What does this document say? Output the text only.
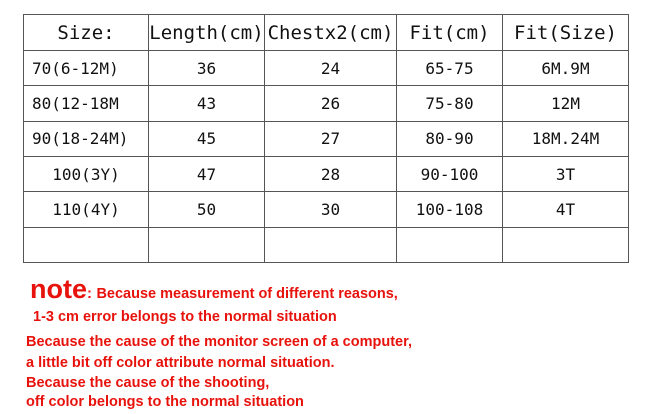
Size:	Length(cm)	Chestx2(cm)	Fit(cm)	Fit(Size)
70(6-12M)	36	24	65-75	6M.9M
80(12-18M	43	26	75-80	12M
90(18-24M)	45	27	80-90	18M.24M
100(3Y)	47	28	90-100	3T
110(4Y)	50	30	100-108	4T

note: Because measurement of different reasons,
1-3 cm error belongs to the normal situation
Because the cause of the monitor screen of a computer,
a little bit off color attribute normal situation.
Because the cause of the shooting,
off color belongs to the normal situation
